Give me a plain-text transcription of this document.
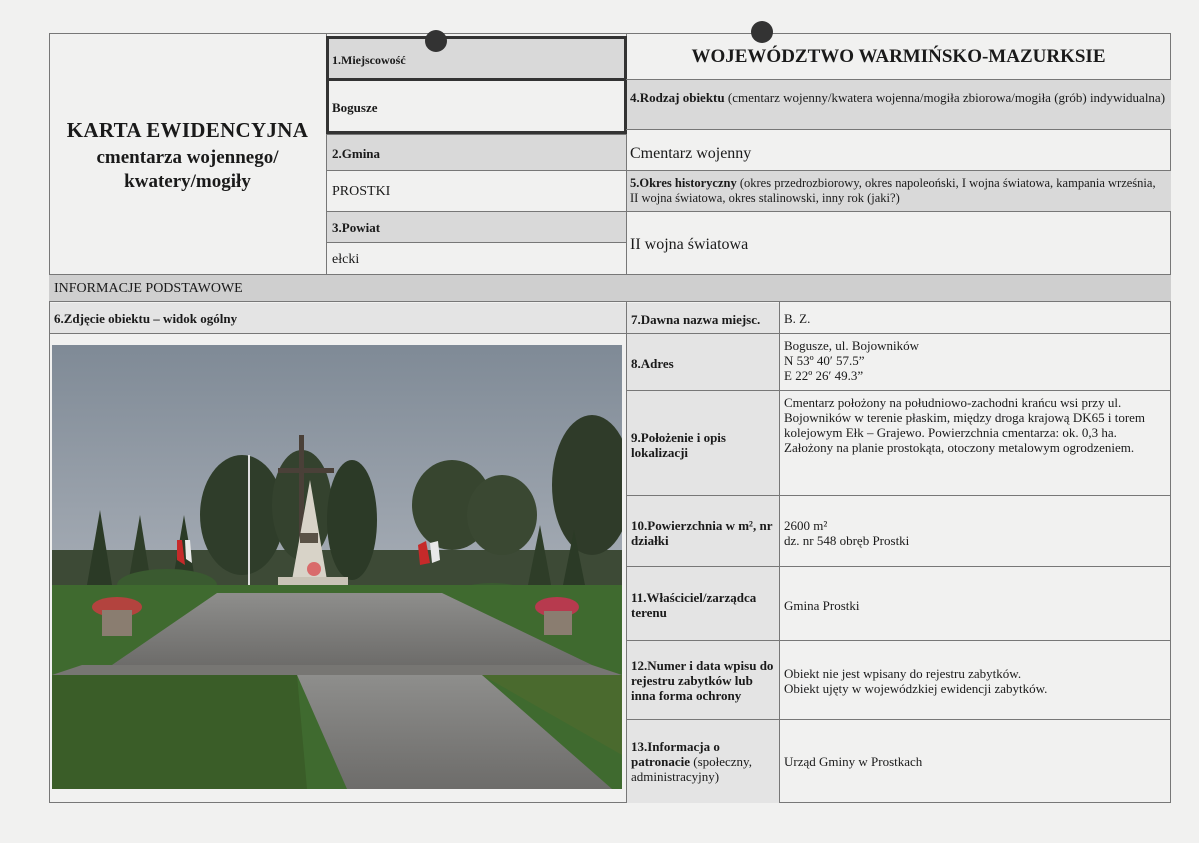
KARTA EWIDENCYJNA
cmentarza wojennego/
kwatery/mogiły
WOJEWÓDZTWO WARMIŃSKO-MAZURKSIE
1.Miejscowość
Bogusze
2.Gmina
PROSTKI
3.Powiat
ełcki
4.Rodzaj obiektu (cmentarz wojenny/kwatera wojenna/mogiła zbiorowa/mogiła (grób) indywidualna)
Cmentarz wojenny
5.Okres historyczny (okres przedrozbiorowy, okres napoleoński, I wojna światowa, kampania września, II wojna światowa, okres stalinowski, inny rok (jaki?)
II wojna światowa
INFORMACJE PODSTAWOWE
6.Zdjęcie obiektu – widok ogólny	7.Dawna nazwa miejsc. B. Z.
8.Adres
Bogusze, ul. Bojowników
N 53º 40′ 57.5”
E 22º 26′ 49.3”
9.Położenie i opis lokalizacji
Cmentarz położony na południowo-zachodni krańcu wsi przy ul. Bojowników w terenie płaskim, między droga krajową DK65 i torem kolejowym Ełk – Grajewo. Powierzchnia cmentarza: ok. 0,3 ha. Założony na planie prostokąta, otoczony metalowym ogrodzeniem.
10.Powierzchnia w m², nr działki
2600 m²
dz. nr 548 obręb Prostki
11.Właściciel/zarządca terenu	Gmina Prostki
12.Numer i data wpisu do rejestru zabytków lub inna forma ochrony
Obiekt nie jest wpisany do rejestru zabytków.
Obiekt ujęty w wojewódzkiej ewidencji zabytków.
13.Informacja o patronacie (społeczny, administracyjny)
Urząd Gminy w Prostkach
